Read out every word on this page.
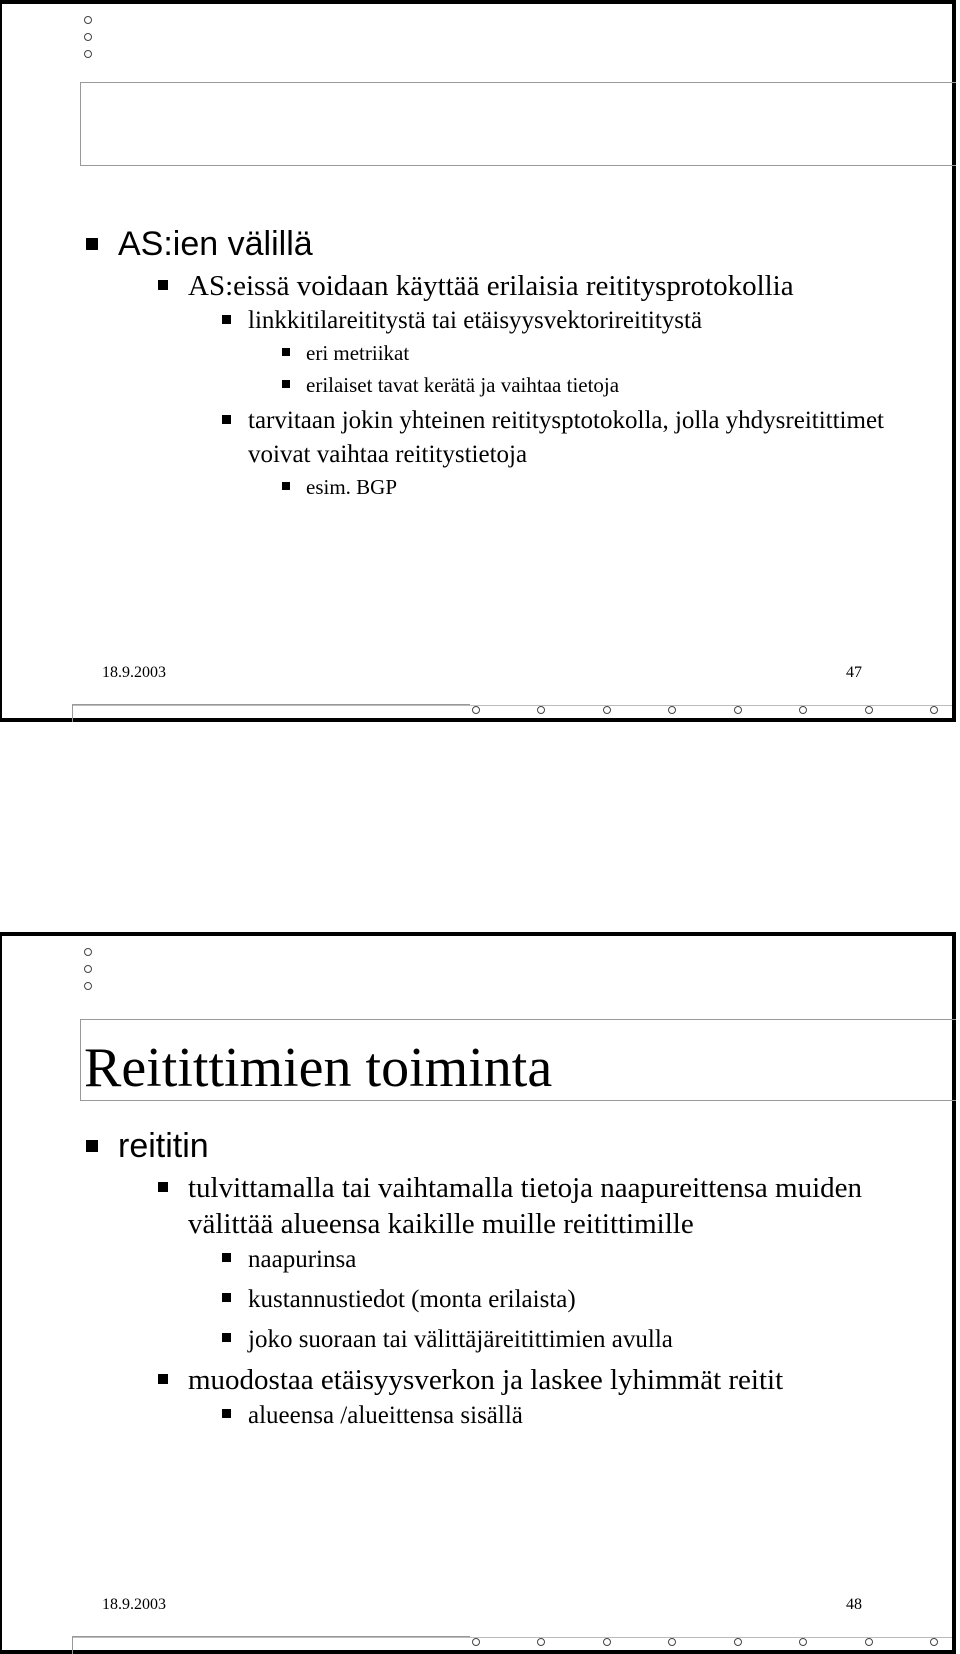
AS:ien välillä
AS:eissä voidaan käyttää erilaisia reititysprotokollia
linkkitilareititystä tai etäisyysvektorireititystä
eri metriikat
erilaiset tavat kerätä ja vaihtaa tietoja
tarvitaan jokin yhteinen reititysptotokolla, jolla yhdysreitittimet voivat vaihtaa reititystietoja
esim. BGP
18.9.2003	47
Reitittimien toiminta
reititin
tulvittamalla tai vaihtamalla tietoja naapureittensa muiden välittää alueensa kaikille muille reitittimille
naapurinsa
kustannustiedot (monta erilaista)
joko suoraan tai välittäjäreitittimien avulla
muodostaa etäisyysverkon ja laskee lyhimmät reitit
alueensa /alueittensa sisällä
18.9.2003	48
